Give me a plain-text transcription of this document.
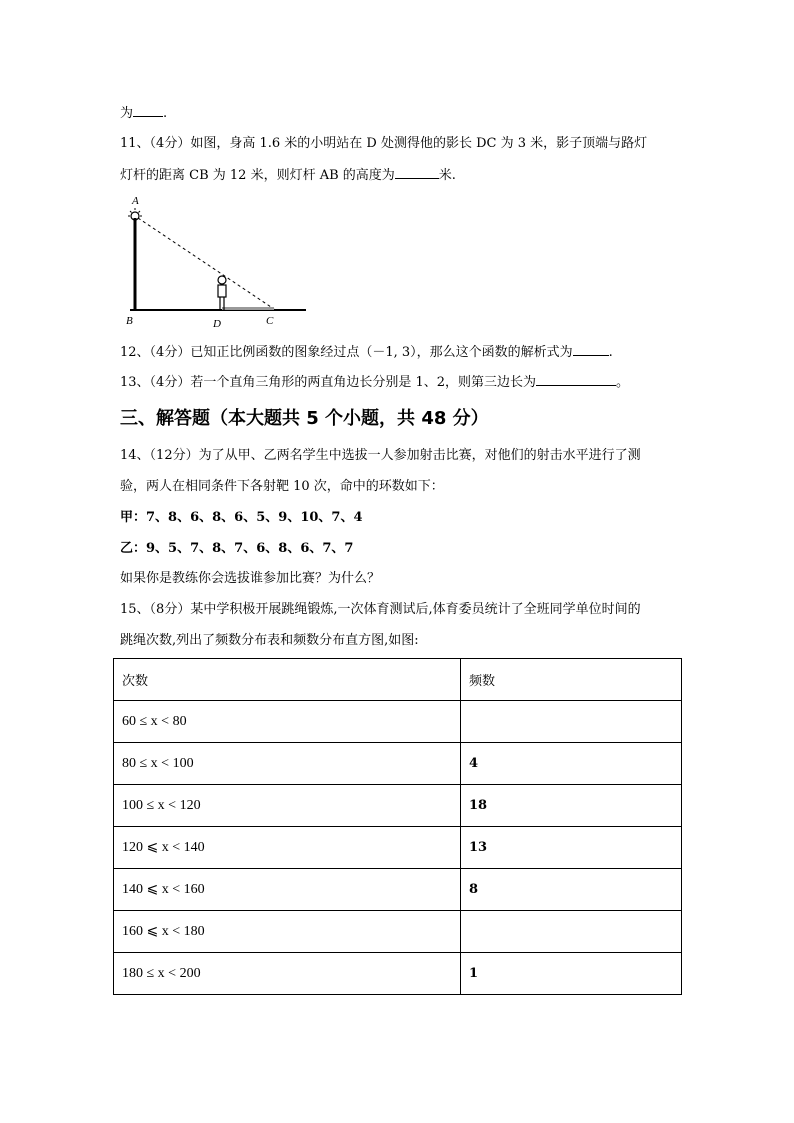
为 .
11、（4分）如图，身高 1.6 米的小明站在 D 处测得他的影长 DC 为 3 米，影子顶端与路灯
灯杆的距离 CB 为 12 米，则灯杆 AB 的高度为	米.
A
B	D	C
12、（4分）已知正比例函数的图象经过点（－1, 3），那么这个函数的解析式为	.
13、（4分）若一个直角三角形的两直角边长分别是 1、2，则第三边长为	。
三、解答题（本大题共 5 个小题，共 48 分）
14、（12分）为了从甲、乙两名学生中选拔一人参加射击比赛，对他们的射击水平进行了测
验，两人在相同条件下各射靶 10 次，命中的环数如下：
甲：7、8、6、8、6、5、9、10、7、4
乙：9、5、7、8、7、6、8、6、7、7
如果你是教练你会选拔谁参加比赛？为什么？
15、（8分）某中学积极开展跳绳锻炼,一次体育测试后,体育委员统计了全班同学单位时间的
跳绳次数,列出了频数分布表和频数分布直方图,如图:
次数	频数
60 ≤ x < 80	
80 ≤ x < 100	4
100 ≤ x < 120	18
120 ⩽ x < 140	13
140 ⩽ x < 160	8
160 ⩽ x < 180	
180 ≤ x < 200	1
